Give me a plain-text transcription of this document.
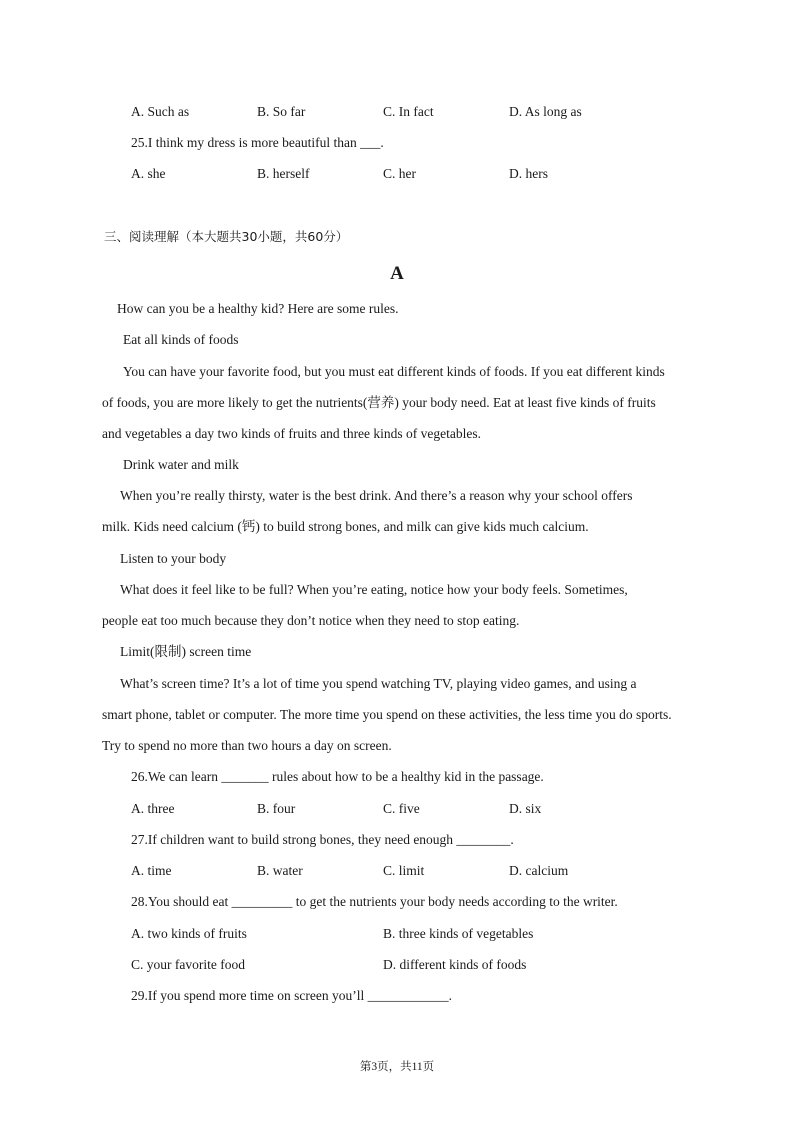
A. Such as	B. So far	C. In fact	D. As long as
25.I think my dress is more beautiful than ___.
A. she	B. herself	C. her	D. hers
三、阅读理解（本大题共30小题，共60分）
A
How can you be a healthy kid? Here are some rules.
Eat all kinds of foods
You can have your favorite food, but you must eat different kinds of foods. If you eat different kinds
of foods, you are more likely to get the nutrients(营养) your body need. Eat at least five kinds of fruits
and vegetables a day two kinds of fruits and three kinds of vegetables.
Drink water and milk
When you’re really thirsty, water is the best drink. And there’s a reason why your school offers
milk. Kids need calcium (钙) to build strong bones, and milk can give kids much calcium.
Listen to your body
What does it feel like to be full? When you’re eating, notice how your body feels. Sometimes,
people eat too much because they don’t notice when they need to stop eating.
Limit(限制) screen time
What’s screen time? It’s a lot of time you spend watching TV, playing video games, and using a
smart phone, tablet or computer. The more time you spend on these activities, the less time you do sports.
Try to spend no more than two hours a day on screen.
26.We can learn _______ rules about how to be a healthy kid in the passage.
A. three	B. four	C. five	D. six
27.If children want to build strong bones, they need enough ________.
A. time	B. water	C. limit	D. calcium
28.You should eat _________ to get the nutrients your body needs according to the writer.
A. two kinds of fruits	B. three kinds of vegetables
C. your favorite food	D. different kinds of foods
29.If you spend more time on screen you’ll ____________.
第3页，共11页
